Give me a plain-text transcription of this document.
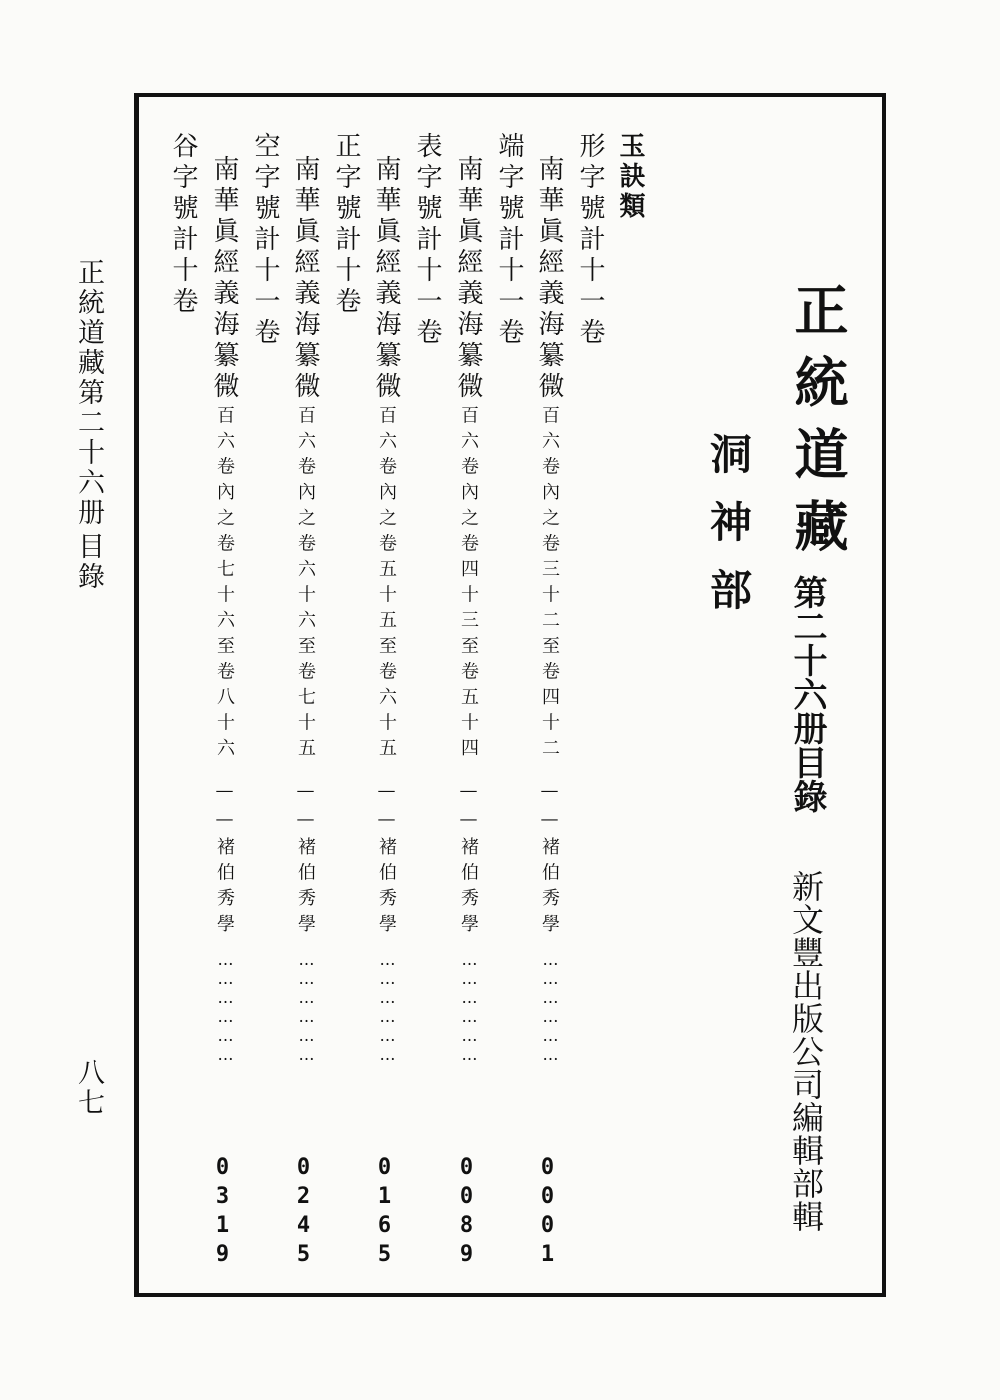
正統道藏
第二十六册目錄
洞神部
新文豐出版公司編輯部輯
玉訣類
形字號計十一卷
南華眞經義海纂微
一百六卷內之卷三十二至卷四十二
——褚伯秀學
………………
0001
端字號計十一卷
南華眞經義海纂微
一百六卷內之卷四十三至卷五十四
——褚伯秀學
………………
0089
表字號計十一卷
南華眞經義海纂微
一百六卷內之卷五十五至卷六十五
——褚伯秀學
………………
0165
正字號計十卷
南華眞經義海纂微
一百六卷內之卷六十六至卷七十五
——褚伯秀學
………………
0245
空字號計十一卷
南華眞經義海纂微
一百六卷內之卷七十六至卷八十六
——褚伯秀學
………………
0319
谷字號計十卷
正統道藏第二十六册
目錄
八七
